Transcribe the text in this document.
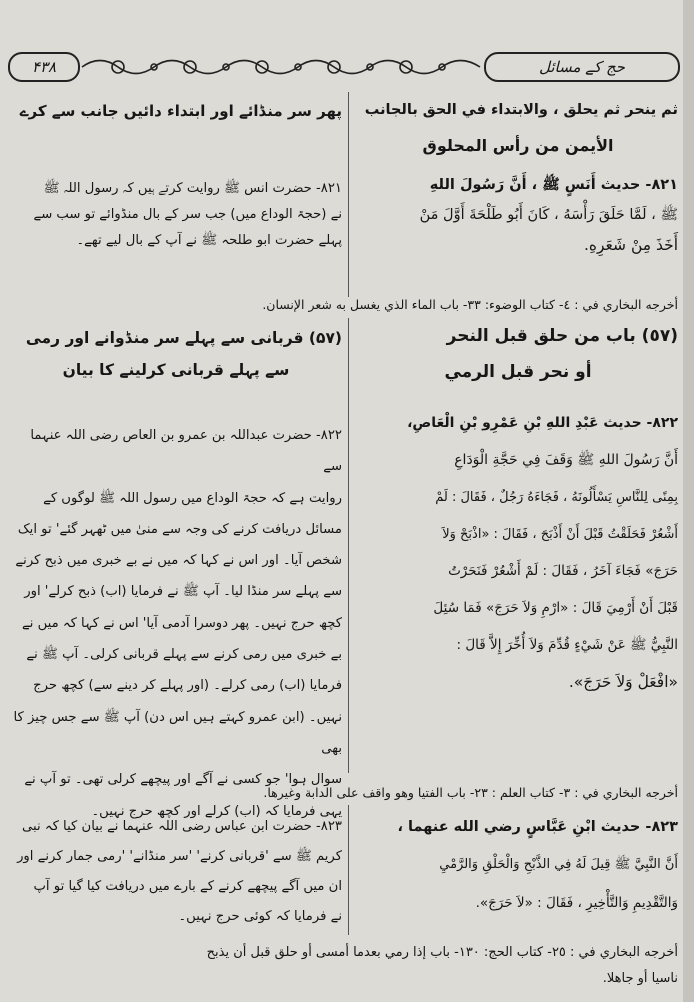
۴۳۸	حج کے مسائل

ثم ينحر ثم يحلق ، والابتداء في الحق بالجانب

الأيمن من رأس المحلوق

پھر سر منڈائے اور ابتداء دائیں جانب سے کرے

٨٢١- حديث أَنَسٍ ﷺ ، أَنَّ رَسُولَ اللهِ

ﷺ ، لَمَّا حَلَقَ رَأْسَهُ ، كَانَ أَبُو طَلْحَةَ أَوَّلَ مَنْ

أَخَذَ مِنْ شَعَرِهِ.

۸۲۱- حضرت انس ﷺ روایت کرتے ہیں کہ رسول اللہ ﷺ

نے (حجۃ الوداع میں) جب سر کے بال منڈوائے تو سب سے

پہلے حضرت ابو طلحہ ﷺ نے آپ کے بال لیے تھے۔

أخرجه البخاري في : ٤- كتاب الوضوء: ٣٣- باب الماء الذي يغسل به شعر الإنسان.

(٥٧) باب من حلق قبل النحر

أو نحر قبل الرمي

(۵۷) قربانی سے پہلے سر منڈوانے اور رمی

سے پہلے قربانی کرلینے کا بیان

٨٢٢- حديث عَبْدِ اللهِ بْنِ عَمْرِو بْنِ الْعَاصِ،

أَنَّ رَسُولَ اللهِ ﷺ وَقَفَ فِي حَجَّةِ الْوَدَاعِ

بِمِنًى لِلنَّاسِ يَسْأَلُونَهُ ، فَجَاءَهُ رَجُلٌ ، فَقَالَ : لَمْ

أَشْعُرْ فَحَلَقْتُ قَبْلَ أَنْ أَذْبَحَ ، فَقَالَ : «اذْبَحْ وَلاَ

حَرَجَ» فَجَاءَ آخَرُ ، فَقَالَ : لَمْ أَشْعُرْ فَنَحَرْتُ

قَبْلَ أَنْ أَرْمِيَ قَالَ : «ارْمِ وَلاَ حَرَجَ» فَمَا سُئِلَ

النَّبِيُّ ﷺ عَنْ شَيْءٍ قُدِّمَ وَلاَ أُخِّرَ إِلاَّ قَالَ :

«افْعَلْ وَلاَ حَرَجَ».

۸۲۲- حضرت عبداللہ بن عمرو بن العاص رضی اللہ عنہما سے

روایت ہے کہ حجۃ الوداع میں رسول اللہ ﷺ لوگوں کے

مسائل دریافت کرنے کی وجہ سے منیٰ میں ٹھہر گئے' تو ایک

شخص آیا۔ اور اس نے کہا کہ میں نے بے خبری میں ذبح کرنے

سے پہلے سر منڈا لیا۔ آپ ﷺ نے فرمایا (اب) ذبح کرلے' اور

کچھ حرج نہیں۔ پھر دوسرا آدمی آیا' اس نے کہا کہ میں نے

بے خبری میں رمی کرنے سے پہلے قربانی کرلی۔ آپ ﷺ نے

فرمایا (اب) رمی کرلے۔ (اور پہلے کر دینے سے) کچھ حرج

نہیں۔ (ابن عمرو کہتے ہیں اس دن) آپ ﷺ سے جس چیز کا بھی

سوال ہوا' جو کسی نے آگے اور پیچھے کرلی تھی۔ تو آپ نے

یہی فرمایا کہ (اب) کرلے اور کچھ حرج نہیں۔

أخرجه البخاري في : ٣- كتاب العلم : ٢٣- باب الفتيا وهو واقف على الدابة وغيرها.

٨٢٣- حديث ابْنِ عَبَّاسٍ رضي الله عنهما ،

أَنَّ النَّبِيَّ ﷺ قِيلَ لَهُ فِي الذَّبْحِ وَالْحَلْقِ وَالرَّمْيِ

وَالتَّقْدِيمِ وَالتَّأْخِيرِ ، فَقَالَ : «لاَ حَرَجَ».

۸۲۳- حضرت ابن عباس رضی اللہ عنہما نے بیان کیا کہ نبی

کریم ﷺ سے 'قربانی کرنے' 'سر منڈانے' 'رمی جمار کرنے اور

ان میں آگے پیچھے کرنے کے بارے میں دریافت کیا گیا تو آپ

نے فرمایا کہ کوئی حرج نہیں۔

أخرجه البخاري في : ٢٥- كتاب الحج: ١٣٠- باب إذا رمي بعدما أمسى أو حلق قبل أن يذبح

ناسيا أو جاهلا.
